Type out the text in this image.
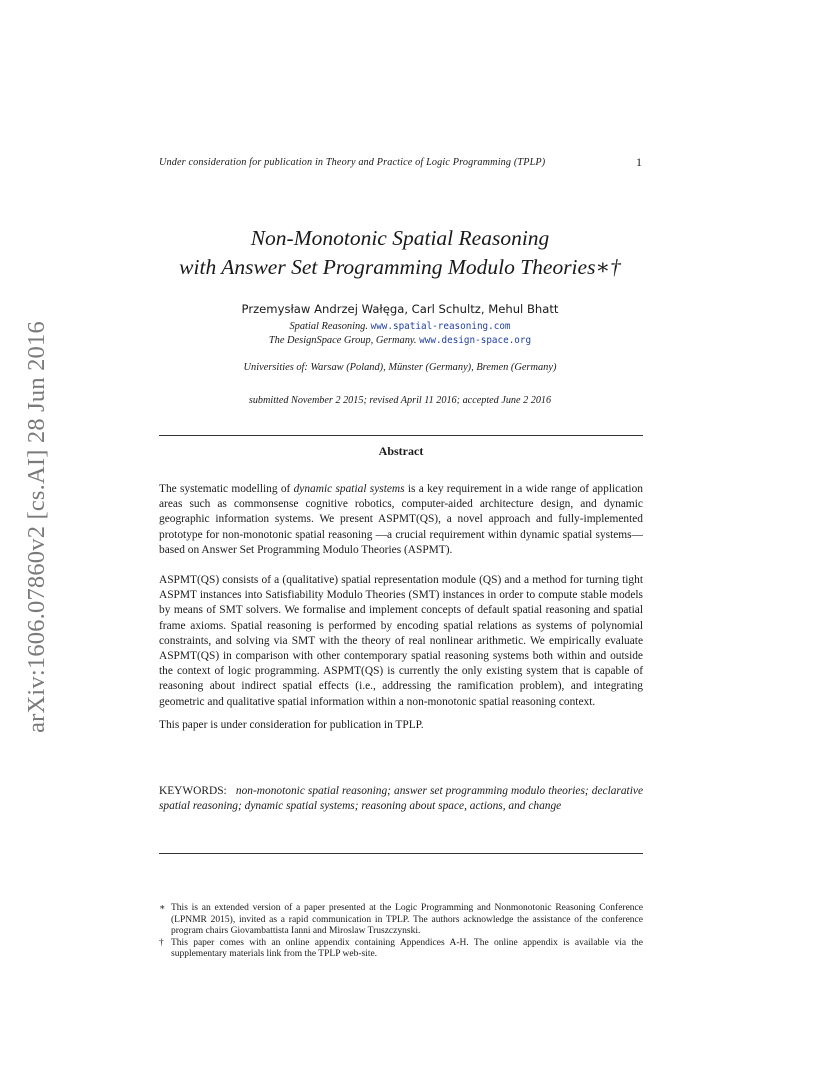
arXiv:1606.07860v2 [cs.AI] 28 Jun 2016
Under consideration for publication in Theory and Practice of Logic Programming (TPLP)	1
Non-Monotonic Spatial Reasoning
with Answer Set Programming Modulo Theories∗†
Przemysław Andrzej Wałęga, Carl Schultz, Mehul Bhatt
Spatial Reasoning. www.spatial-reasoning.com
The DesignSpace Group, Germany. www.design-space.org
Universities of: Warsaw (Poland), Münster (Germany), Bremen (Germany)
submitted November 2 2015; revised April 11 2016; accepted June 2 2016
Abstract

The systematic modelling of dynamic spatial systems is a key requirement in a wide range of application areas such as commonsense cognitive robotics, computer-aided architecture design, and dynamic geographic information systems. We present ASPMT(QS), a novel approach and fully-implemented prototype for non-monotonic spatial reasoning —a crucial requirement within dynamic spatial systems— based on Answer Set Programming Modulo Theories (ASPMT).

ASPMT(QS) consists of a (qualitative) spatial representation module (QS) and a method for turning tight ASPMT instances into Satisfiability Modulo Theories (SMT) instances in order to compute stable models by means of SMT solvers. We formalise and implement concepts of default spatial reasoning and spatial frame axioms. Spatial reasoning is performed by encoding spatial relations as systems of polynomial constraints, and solving via SMT with the theory of real nonlinear arithmetic. We empirically evaluate ASPMT(QS) in comparison with other contemporary spatial reasoning systems both within and outside the context of logic programming. ASPMT(QS) is currently the only existing system that is capable of reasoning about indirect spatial effects (i.e., addressing the ramification problem), and integrating geometric and qualitative spatial information within a non-monotonic spatial reasoning context.

This paper is under consideration for publication in TPLP.

KEYWORDS: non-monotonic spatial reasoning; answer set programming modulo theories; declarative spatial reasoning; dynamic spatial systems; reasoning about space, actions, and change

∗ This is an extended version of a paper presented at the Logic Programming and Nonmonotonic Reasoning Conference (LPNMR 2015), invited as a rapid communication in TPLP. The authors acknowledge the assistance of the conference program chairs Giovambattista Ianni and Miroslaw Truszczynski.

† This paper comes with an online appendix containing Appendices A-H. The online appendix is available via the supplementary materials link from the TPLP web-site.
